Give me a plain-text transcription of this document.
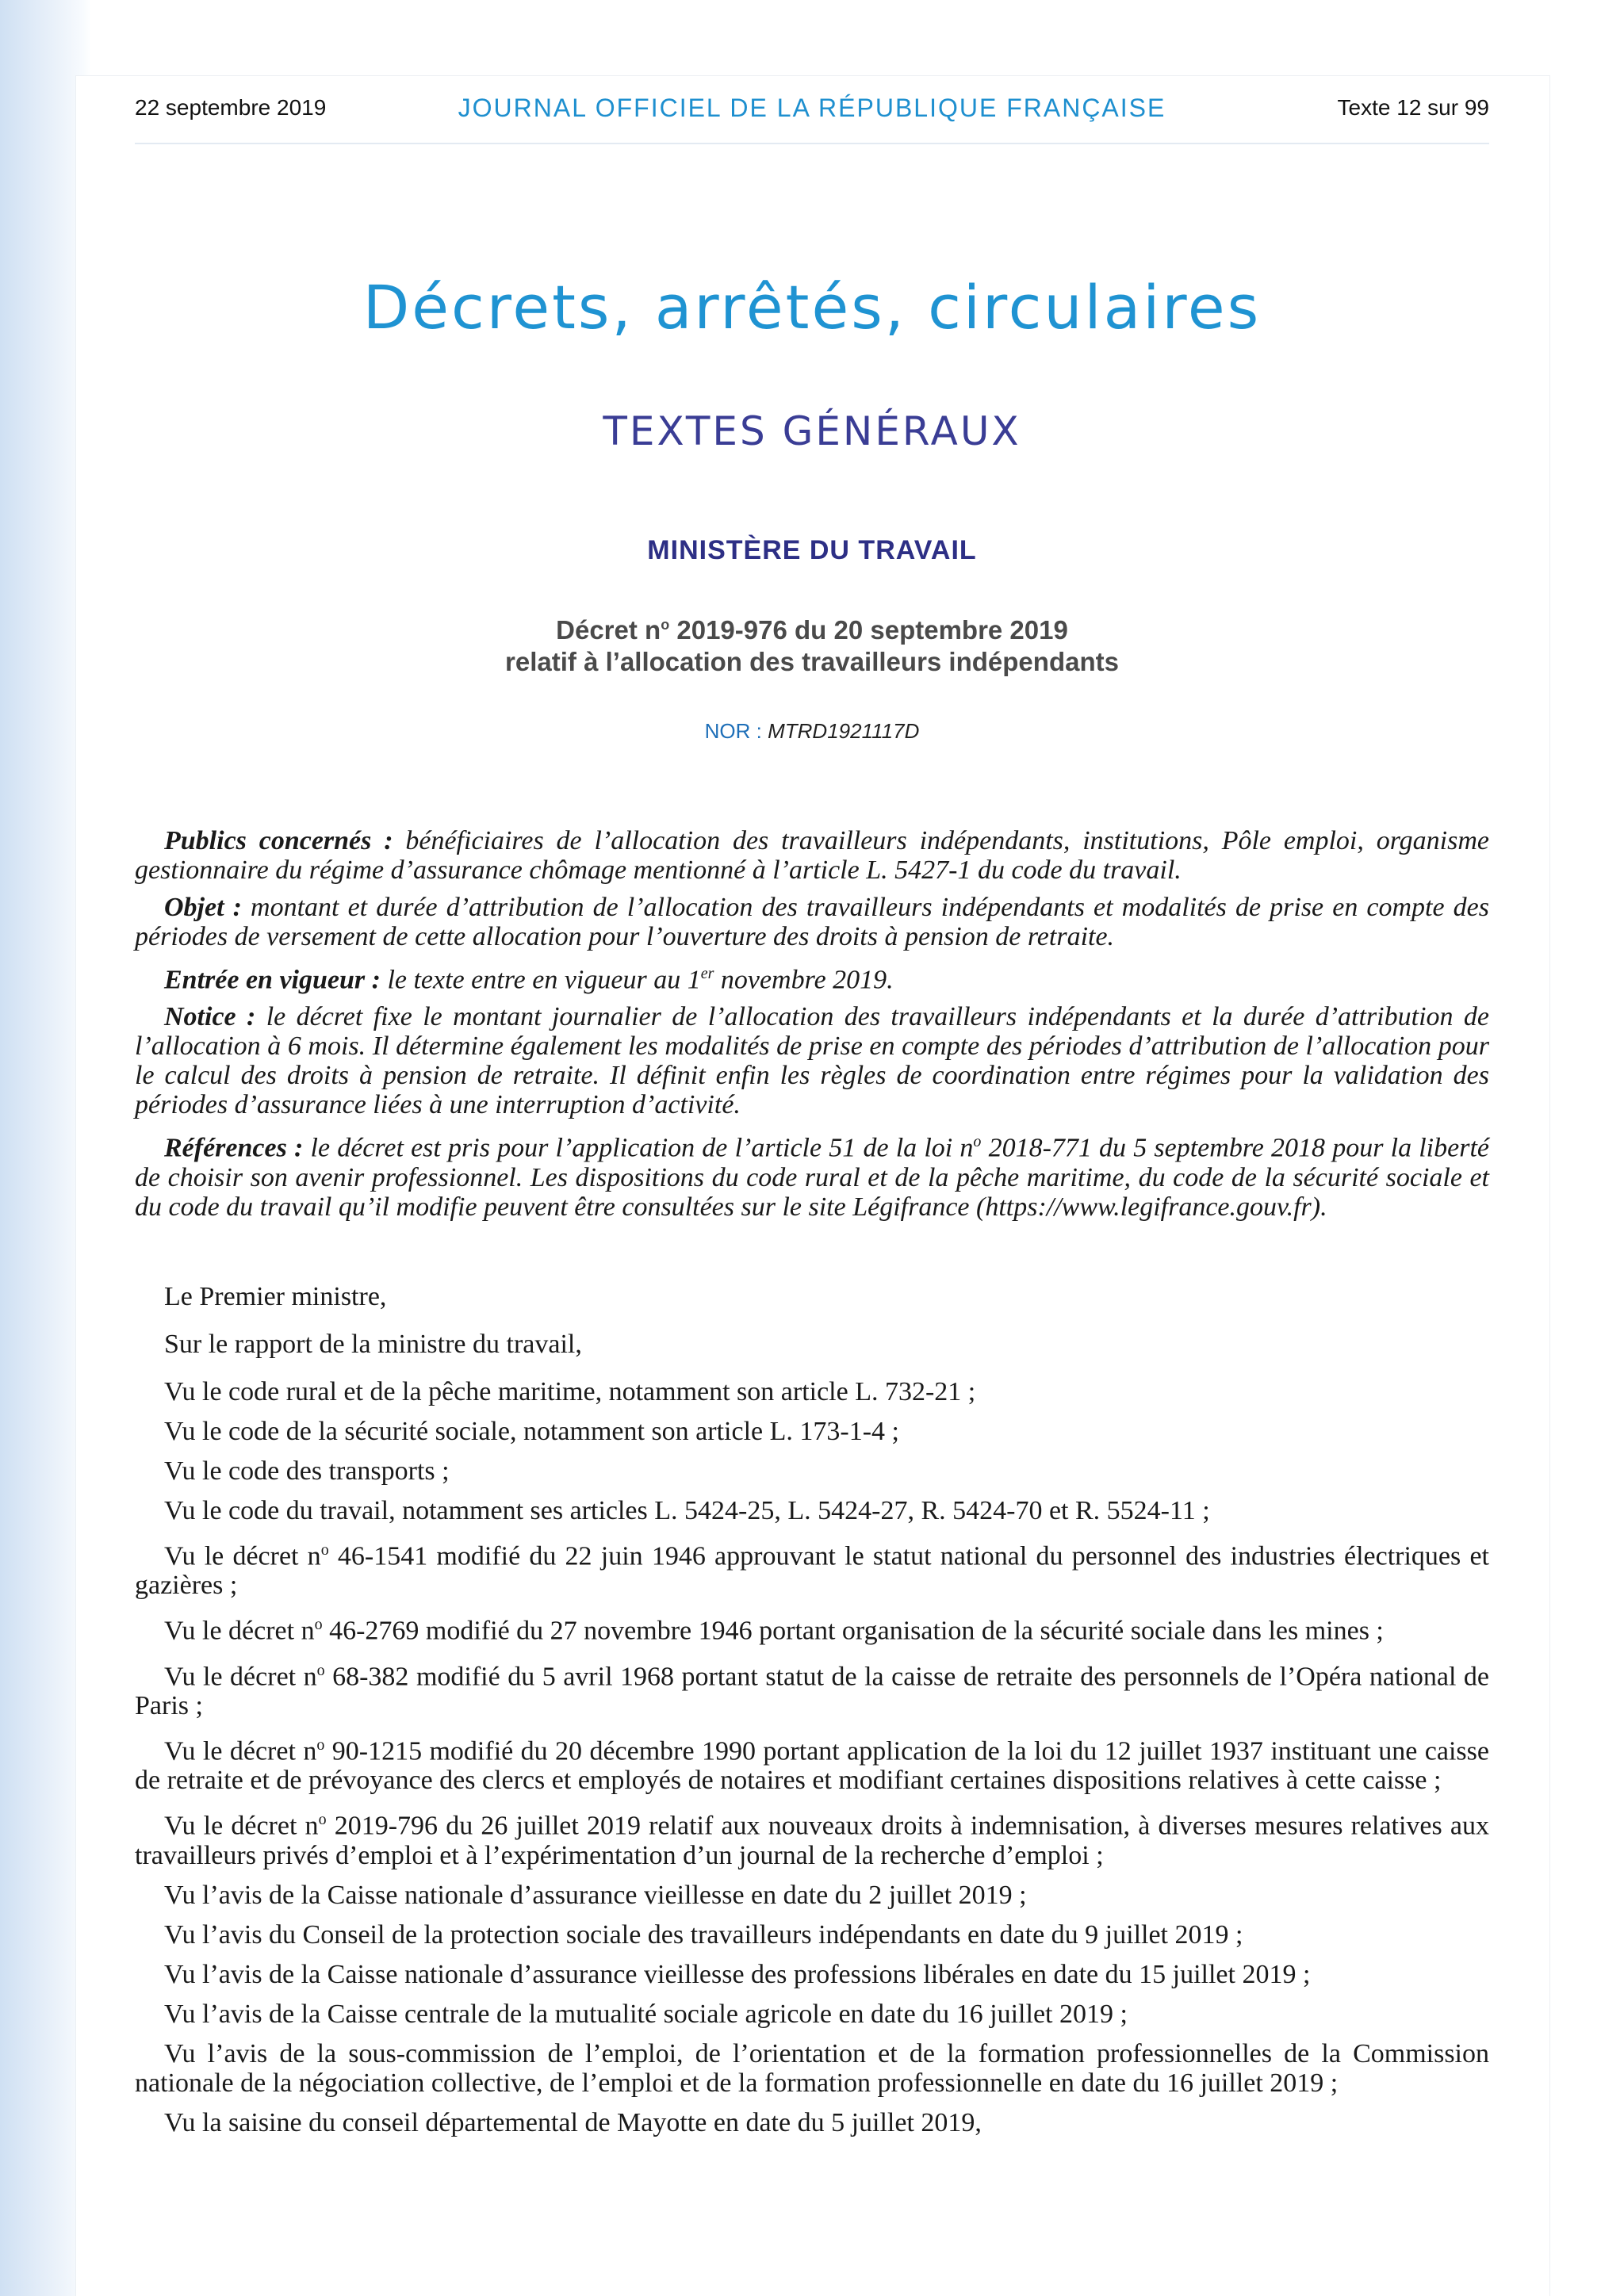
22 septembre 2019	JOURNAL OFFICIEL DE LA RÉPUBLIQUE FRANÇAISE	Texte 12 sur 99
Décrets, arrêtés, circulaires
TEXTES GÉNÉRAUX
MINISTÈRE DU TRAVAIL
Décret $n^o$ 2019-976 du 20 septembre 2019
relatif à l’allocation des travailleurs indépendants
NOR : MTRD1921117D

Publics concernés : bénéficiaires de l’allocation des travailleurs indépendants, institutions, Pôle emploi, organisme gestionnaire du régime d’assurance chômage mentionné à l’article L. 5427-1 du code du travail.

Objet : montant et durée d’attribution de l’allocation des travailleurs indépendants et modalités de prise en compte des périodes de versement de cette allocation pour l’ouverture des droits à pension de retraite.

Entrée en vigueur : le texte entre en vigueur au 1er novembre 2019.

Notice : le décret fixe le montant journalier de l’allocation des travailleurs indépendants et la durée d’attribution de l’allocation à 6 mois. Il détermine également les modalités de prise en compte des périodes d’attribution de l’allocation pour le calcul des droits à pension de retraite. Il définit enfin les règles de coordination entre régimes pour la validation des périodes d’assurance liées à une interruption d’activité.

Références : le décret est pris pour l’application de l’article 51 de la loi $n^o$ 2018-771 du 5 septembre 2018 pour la liberté de choisir son avenir professionnel. Les dispositions du code rural et de la pêche maritime, du code de la sécurité sociale et du code du travail qu’il modifie peuvent être consultées sur le site Légifrance (https://www.legifrance.gouv.fr).

Le Premier ministre,

Sur le rapport de la ministre du travail,

Vu le code rural et de la pêche maritime, notamment son article L. 732-21 ;

Vu le code de la sécurité sociale, notamment son article L. 173-1-4 ;

Vu le code des transports ;

Vu le code du travail, notamment ses articles L. 5424-25, L. 5424-27, R. 5424-70 et R. 5524-11 ;

Vu le décret $n^o$ 46-1541 modifié du 22 juin 1946 approuvant le statut national du personnel des industries électriques et gazières ;

Vu le décret $n^o$ 46-2769 modifié du 27 novembre 1946 portant organisation de la sécurité sociale dans les mines ;

Vu le décret $n^o$ 68-382 modifié du 5 avril 1968 portant statut de la caisse de retraite des personnels de l’Opéra national de Paris ;

Vu le décret $n^o$ 90-1215 modifié du 20 décembre 1990 portant application de la loi du 12 juillet 1937 instituant une caisse de retraite et de prévoyance des clercs et employés de notaires et modifiant certaines dispositions relatives à cette caisse ;

Vu le décret $n^o$ 2019-796 du 26 juillet 2019 relatif aux nouveaux droits à indemnisation, à diverses mesures relatives aux travailleurs privés d’emploi et à l’expérimentation d’un journal de la recherche d’emploi ;

Vu l’avis de la Caisse nationale d’assurance vieillesse en date du 2 juillet 2019 ;

Vu l’avis du Conseil de la protection sociale des travailleurs indépendants en date du 9 juillet 2019 ;

Vu l’avis de la Caisse nationale d’assurance vieillesse des professions libérales en date du 15 juillet 2019 ;

Vu l’avis de la Caisse centrale de la mutualité sociale agricole en date du 16 juillet 2019 ;

Vu l’avis de la sous-commission de l’emploi, de l’orientation et de la formation professionnelles de la Commission nationale de la négociation collective, de l’emploi et de la formation professionnelle en date du 16 juillet 2019 ;

Vu la saisine du conseil départemental de Mayotte en date du 5 juillet 2019,
